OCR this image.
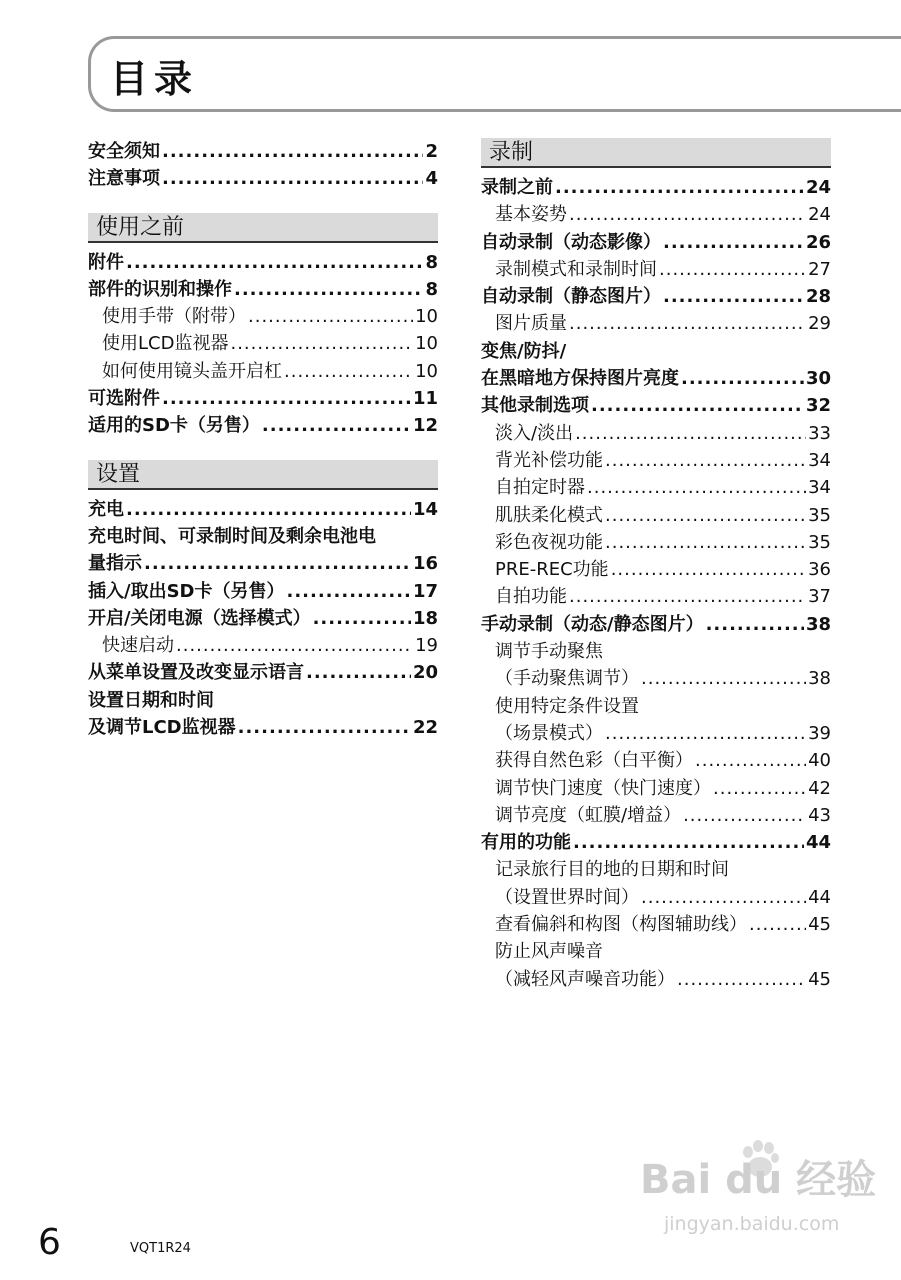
目录
安全须知 .....	2
注意事项 .....	4
使用之前
附件 .....	8
部件的识别和操作 .....	8
使用手带（附带） .....	10
使用LCD监视器 .....	10
如何使用镜头盖开启杠 .....	10
可选附件 .....	11
适用的SD卡（另售） .....	12
设置
充电 .....	14
充电时间、可录制时间及剩余电池电
量指示 .....	16
插入/取出SD卡（另售） .....	17
开启/关闭电源（选择模式） .....	18
快速启动 .....	19
从菜单设置及改变显示语言 .....	20
设置日期和时间
及调节LCD监视器 .....	22
录制
录制之前 .....	24
基本姿势 .....	24
自动录制（动态影像） .....	26
录制模式和录制时间 .....	27
自动录制（静态图片） .....	28
图片质量 .....	29
变焦/防抖/
在黑暗地方保持图片亮度 .....	30
其他录制选项 .....	32
淡入/淡出 .....	33
背光补偿功能 .....	34
自拍定时器 .....	34
肌肤柔化模式 .....	35
彩色夜视功能 .....	35
PRE-REC功能 .....	36
自拍功能 .....	37
手动录制（动态/静态图片） .....	38
调节手动聚焦
（手动聚焦调节） .....	38
使用特定条件设置
（场景模式） .....	39
获得自然色彩（白平衡） .....	40
调节快门速度（快门速度） .....	42
调节亮度（虹膜/增益） .....	43
有用的功能 .....	44
记录旅行目的地的日期和时间
（设置世界时间） .....	44
查看偏斜和构图（构图辅助线） .....	45
防止风声噪音
（减轻风声噪音功能） .....	45
6	VQT1R24
Bai du 经验
jingyan.baidu.com
